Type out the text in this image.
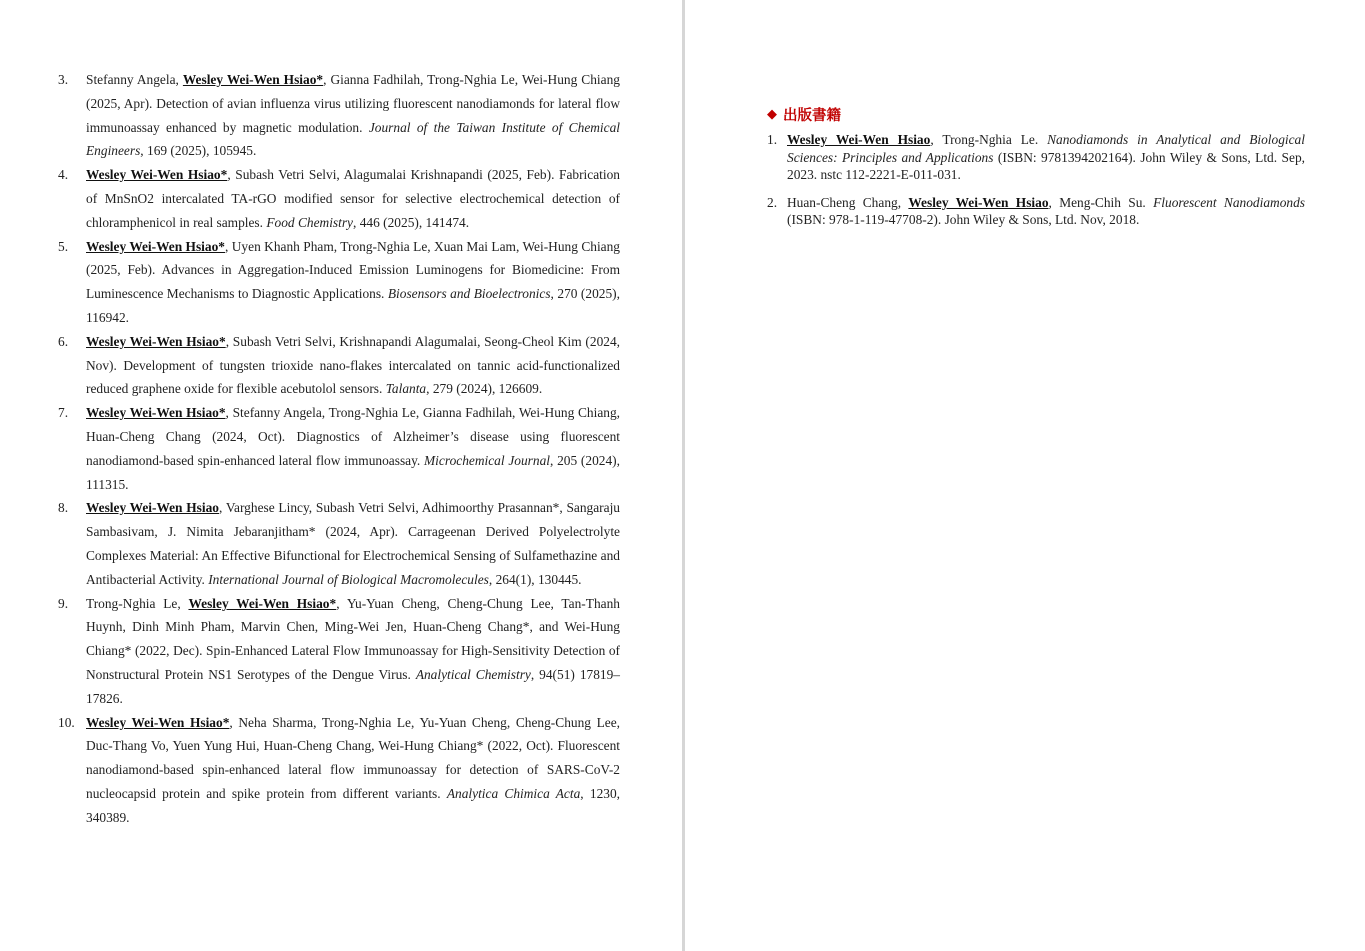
3.	Stefanny Angela, Wesley Wei-Wen Hsiao*, Gianna Fadhilah, Trong-Nghia Le, Wei-Hung Chiang (2025, Apr). Detection of avian influenza virus utilizing fluorescent nanodiamonds for lateral flow immunoassay enhanced by magnetic modulation. Journal of the Taiwan Institute of Chemical Engineers, 169 (2025), 105945.
4.	Wesley Wei-Wen Hsiao*, Subash Vetri Selvi, Alagumalai Krishnapandi (2025, Feb). Fabrication of MnSnO2 intercalated TA-rGO modified sensor for selective electrochemical detection of chloramphenicol in real samples. Food Chemistry, 446 (2025), 141474.
5.	Wesley Wei-Wen Hsiao*, Uyen Khanh Pham, Trong-Nghia Le, Xuan Mai Lam, Wei-Hung Chiang (2025, Feb). Advances in Aggregation-Induced Emission Luminogens for Biomedicine: From Luminescence Mechanisms to Diagnostic Applications. Biosensors and Bioelectronics, 270 (2025), 116942.
6.	Wesley Wei-Wen Hsiao*, Subash Vetri Selvi, Krishnapandi Alagumalai, Seong-Cheol Kim (2024, Nov). Development of tungsten trioxide nano-flakes intercalated on tannic acid-functionalized reduced graphene oxide for flexible acebutolol sensors. Talanta, 279 (2024), 126609.
7.	Wesley Wei-Wen Hsiao*, Stefanny Angela, Trong-Nghia Le, Gianna Fadhilah, Wei-Hung Chiang, Huan-Cheng Chang (2024, Oct). Diagnostics of Alzheimer’s disease using fluorescent nanodiamond-based spin-enhanced lateral flow immunoassay. Microchemical Journal, 205 (2024), 111315.
8.	Wesley Wei-Wen Hsiao, Varghese Lincy, Subash Vetri Selvi, Adhimoorthy Prasannan*, Sangaraju Sambasivam, J. Nimita Jebaranjitham* (2024, Apr). Carrageenan Derived Polyelectrolyte Complexes Material: An Effective Bifunctional for Electrochemical Sensing of Sulfamethazine and Antibacterial Activity. International Journal of Biological Macromolecules, 264(1), 130445.
9.	Trong-Nghia Le, Wesley Wei-Wen Hsiao*, Yu-Yuan Cheng, Cheng-Chung Lee, Tan-Thanh Huynh, Dinh Minh Pham, Marvin Chen, Ming-Wei Jen, Huan-Cheng Chang*, and Wei-Hung Chiang* (2022, Dec). Spin-Enhanced Lateral Flow Immunoassay for High-Sensitivity Detection of Nonstructural Protein NS1 Serotypes of the Dengue Virus. Analytical Chemistry, 94(51) 17819–17826.
10. Wesley Wei-Wen Hsiao*, Neha Sharma, Trong-Nghia Le, Yu-Yuan Cheng, Cheng-Chung Lee, Duc-Thang Vo, Yuen Yung Hui, Huan-Cheng Chang, Wei-Hung Chiang* (2022, Oct). Fluorescent nanodiamond-based spin-enhanced lateral flow immunoassay for detection of SARS-CoV-2 nucleocapsid protein and spike protein from different variants. Analytica Chimica Acta, 1230, 340389.
◆ 出版書籍
1. Wesley Wei-Wen Hsiao, Trong-Nghia Le. Nanodiamonds in Analytical and Biological Sciences: Principles and Applications (ISBN: 9781394202164). John Wiley & Sons, Ltd. Sep, 2023. nstc 112-2221-E-011-031.
2. Huan-Cheng Chang, Wesley Wei-Wen Hsiao, Meng-Chih Su. Fluorescent Nanodiamonds (ISBN: 978-1-119-47708-2). John Wiley & Sons, Ltd. Nov, 2018.
